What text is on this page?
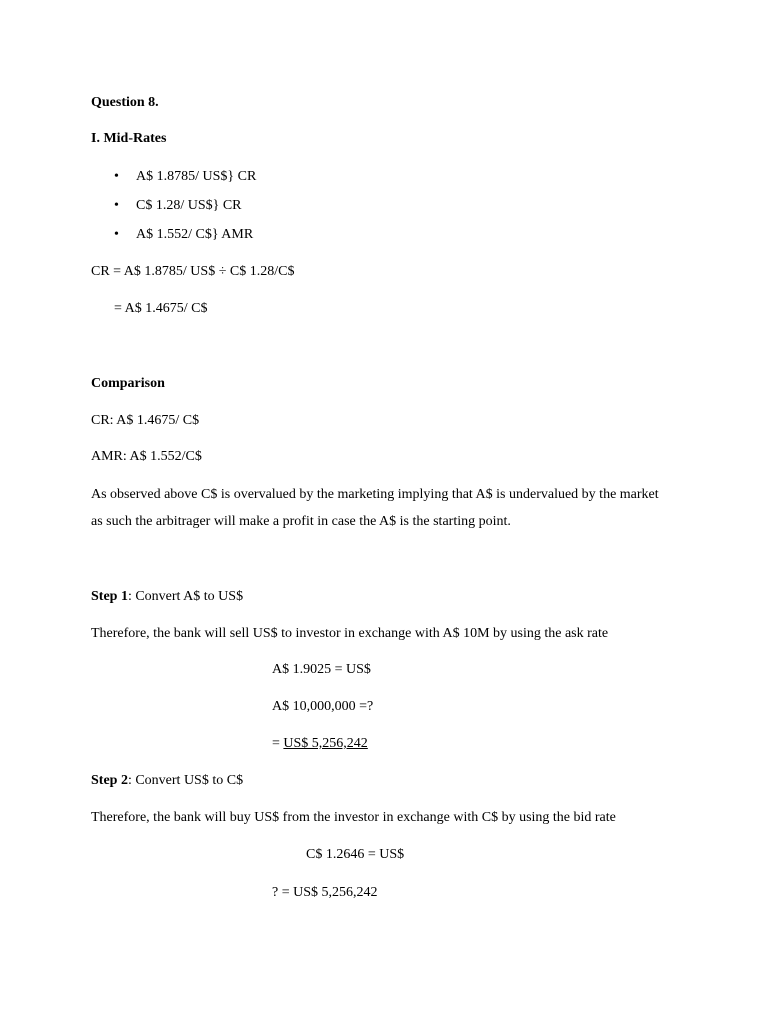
Question 8.
I. Mid-Rates
•	A$ 1.8785/ US$} CR
•	C$ 1.28/ US$} CR
•	A$ 1.552/ C$} AMR
CR = A$ 1.8785/ US$ ÷ C$ 1.28/C$
= A$ 1.4675/ C$
Comparison
CR: A$ 1.4675/ C$
AMR: A$ 1.552/C$
As observed above C$ is overvalued by the marketing implying that A$ is undervalued by the market as such the arbitrager will make a profit in case the A$ is the starting point.
Step 1: Convert A$ to US$
Therefore, the bank will sell US$ to investor in exchange with A$ 10M by using the ask rate
A$ 1.9025 = US$
A$ 10,000,000 =?
= US$ 5,256,242
Step 2: Convert US$ to C$
Therefore, the bank will buy US$ from the investor in exchange with C$ by using the bid rate
C$ 1.2646 = US$
? = US$ 5,256,242
